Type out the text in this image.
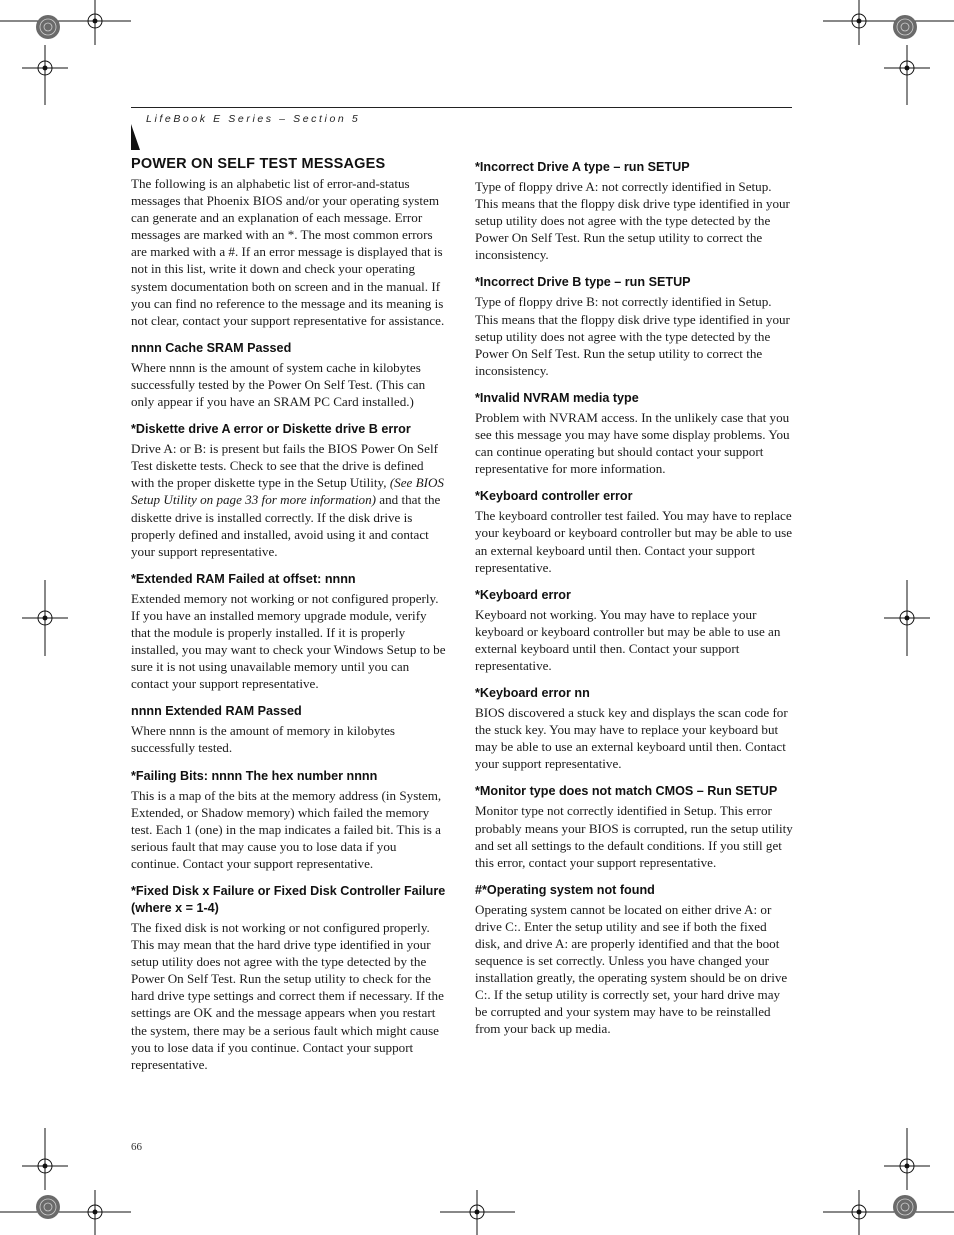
LifeBook E Series – Section 5
POWER ON SELF TEST MESSAGES

The following is an alphabetic list of error-and-status messages that Phoenix BIOS and/or your operating system can generate and an explanation of each message. Error messages are marked with an *. The most common errors are marked with a #. If an error message is displayed that is not in this list, write it down and check your operating system documentation both on screen and in the manual. If you can find no reference to the message and its meaning is not clear, contact your support representative for assistance.

nnnn Cache SRAM Passed

Where nnnn is the amount of system cache in kilobytes successfully tested by the Power On Self Test. (This can only appear if you have an SRAM PC Card installed.)

*Diskette drive A error or Diskette drive B error

Drive A: or B: is present but fails the BIOS Power On Self Test diskette tests. Check to see that the drive is defined with the proper diskette type in the Setup Utility, (See BIOS Setup Utility on page 33 for more information) and that the diskette drive is installed correctly. If the disk drive is properly defined and installed, avoid using it and contact your support representative.

*Extended RAM Failed at offset: nnnn

Extended memory not working or not configured properly. If you have an installed memory upgrade module, verify that the module is properly installed. If it is properly installed, you may want to check your Windows Setup to be sure it is not using unavailable memory until you can contact your support representative.

nnnn Extended RAM Passed

Where nnnn is the amount of memory in kilobytes successfully tested.

*Failing Bits: nnnn The hex number nnnn

This is a map of the bits at the memory address (in System, Extended, or Shadow memory) which failed the memory test. Each 1 (one) in the map indicates a failed bit. This is a serious fault that may cause you to lose data if you continue. Contact your support representative.

*Fixed Disk x Failure or Fixed Disk Controller Failure (where x = 1-4)

The fixed disk is not working or not configured properly. This may mean that the hard drive type identified in your setup utility does not agree with the type detected by the Power On Self Test. Run the setup utility to check for the hard drive type settings and correct them if necessary. If the settings are OK and the message appears when you restart the system, there may be a serious fault which might cause you to lose data if you continue. Contact your support representative.

*Incorrect Drive A type – run SETUP

Type of floppy drive A: not correctly identified in Setup. This means that the floppy disk drive type identified in your setup utility does not agree with the type detected by the Power On Self Test. Run the setup utility to correct the inconsistency.

*Incorrect Drive B type – run SETUP

Type of floppy drive B: not correctly identified in Setup. This means that the floppy disk drive type identified in your setup utility does not agree with the type detected by the Power On Self Test. Run the setup utility to correct the inconsistency.

*Invalid NVRAM media type

Problem with NVRAM access. In the unlikely case that you see this message you may have some display problems. You can continue operating but should contact your support representative for more information.

*Keyboard controller error

The keyboard controller test failed. You may have to replace your keyboard or keyboard controller but may be able to use an external keyboard until then. Contact your support representative.

*Keyboard error

Keyboard not working. You may have to replace your keyboard or keyboard controller but may be able to use an external keyboard until then. Contact your support representative.

*Keyboard error nn

BIOS discovered a stuck key and displays the scan code for the stuck key. You may have to replace your keyboard but may be able to use an external keyboard until then. Contact your support representative.

*Monitor type does not match CMOS – Run SETUP

Monitor type not correctly identified in Setup. This error probably means your BIOS is corrupted, run the setup utility and set all settings to the default conditions. If you still get this error, contact your support representative.

#*Operating system not found

Operating system cannot be located on either drive A: or drive C:. Enter the setup utility and see if both the fixed disk, and drive A: are properly identified and that the boot sequence is set correctly. Unless you have changed your installation greatly, the operating system should be on drive C:. If the setup utility is correctly set, your hard drive may be corrupted and your system may have to be reinstalled from your back up media.

66
